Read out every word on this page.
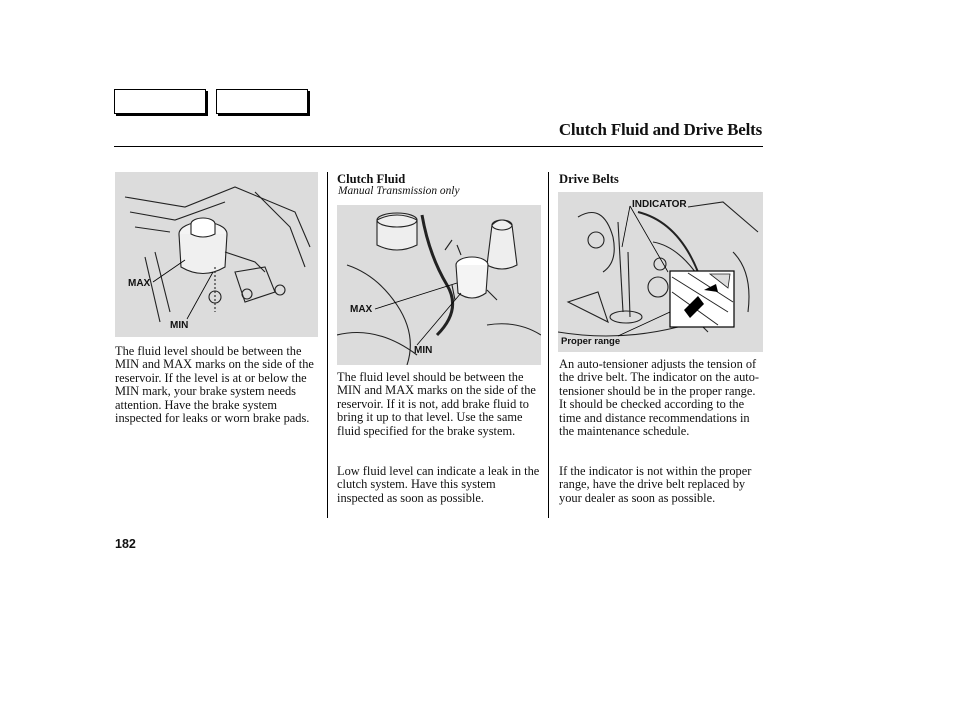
Clutch Fluid and Drive Belts
MAX
MIN

The fluid level should be between the MIN and MAX marks on the side of the reservoir. If the level is at or below the MIN mark, your brake system needs attention. Have the brake system inspected for leaks or worn brake pads.

Clutch Fluid
Manual Transmission only
MAX
MIN

The fluid level should be between the MIN and MAX marks on the side of the reservoir. If it is not, add brake fluid to bring it up to that level. Use the same fluid specified for the brake system.

Low fluid level can indicate a leak in the clutch system. Have this system inspected as soon as possible.

Drive Belts
INDICATOR
Proper range

An auto-tensioner adjusts the tension of the drive belt. The indicator on the auto-tensioner should be in the proper range. It should be checked according to the time and distance recommendations in the maintenance schedule.

If the indicator is not within the proper range, have the drive belt replaced by your dealer as soon as possible.

182
